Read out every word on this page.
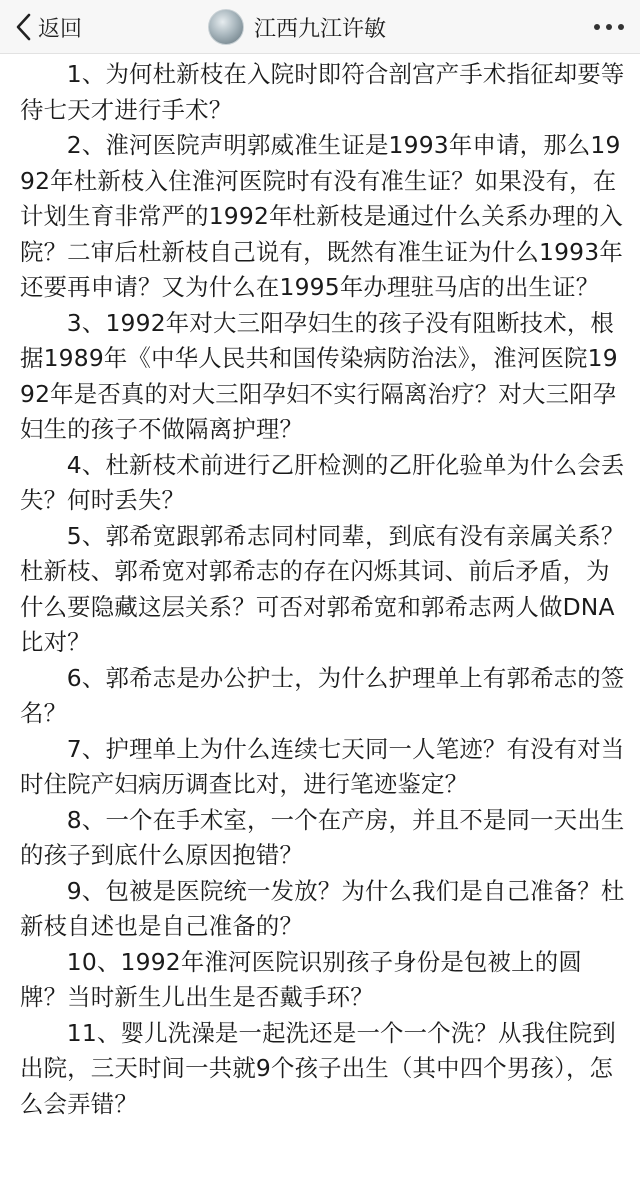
返回	江西九江许敏

1、为何杜新枝在入院时即符合剖宫产手术指征却要等待七天才进行手术？

2、淮河医院声明郭威准生证是1993年申请，那么1992年杜新枝入住淮河医院时有没有准生证？如果没有，在计划生育非常严的1992年杜新枝是通过什么关系办理的入院？二审后杜新枝自己说有，既然有准生证为什么1993年还要再申请？又为什么在1995年办理驻马店的出生证？

3、1992年对大三阳孕妇生的孩子没有阻断技术，根据1989年《中华人民共和国传染病防治法》，淮河医院1992年是否真的对大三阳孕妇不实行隔离治疗？对大三阳孕妇生的孩子不做隔离护理？

4、杜新枝术前进行乙肝检测的乙肝化验单为什么会丢失？何时丢失？

5、郭希宽跟郭希志同村同辈，到底有没有亲属关系？杜新枝、郭希宽对郭希志的存在闪烁其词、前后矛盾，为什么要隐藏这层关系？可否对郭希宽和郭希志两人做DNA比对？

6、郭希志是办公护士，为什么护理单上有郭希志的签名？

7、护理单上为什么连续七天同一人笔迹？有没有对当时住院产妇病历调查比对，进行笔迹鉴定？

8、一个在手术室，一个在产房，并且不是同一天出生的孩子到底什么原因抱错？

9、包被是医院统一发放？为什么我们是自己准备？杜新枝自述也是自己准备的？

10、1992年淮河医院识别孩子身份是包被上的圆牌？当时新生儿出生是否戴手环？

11、婴儿洗澡是一起洗还是一个一个洗？从我住院到出院，三天时间一共就9个孩子出生（其中四个男孩），怎么会弄错？
